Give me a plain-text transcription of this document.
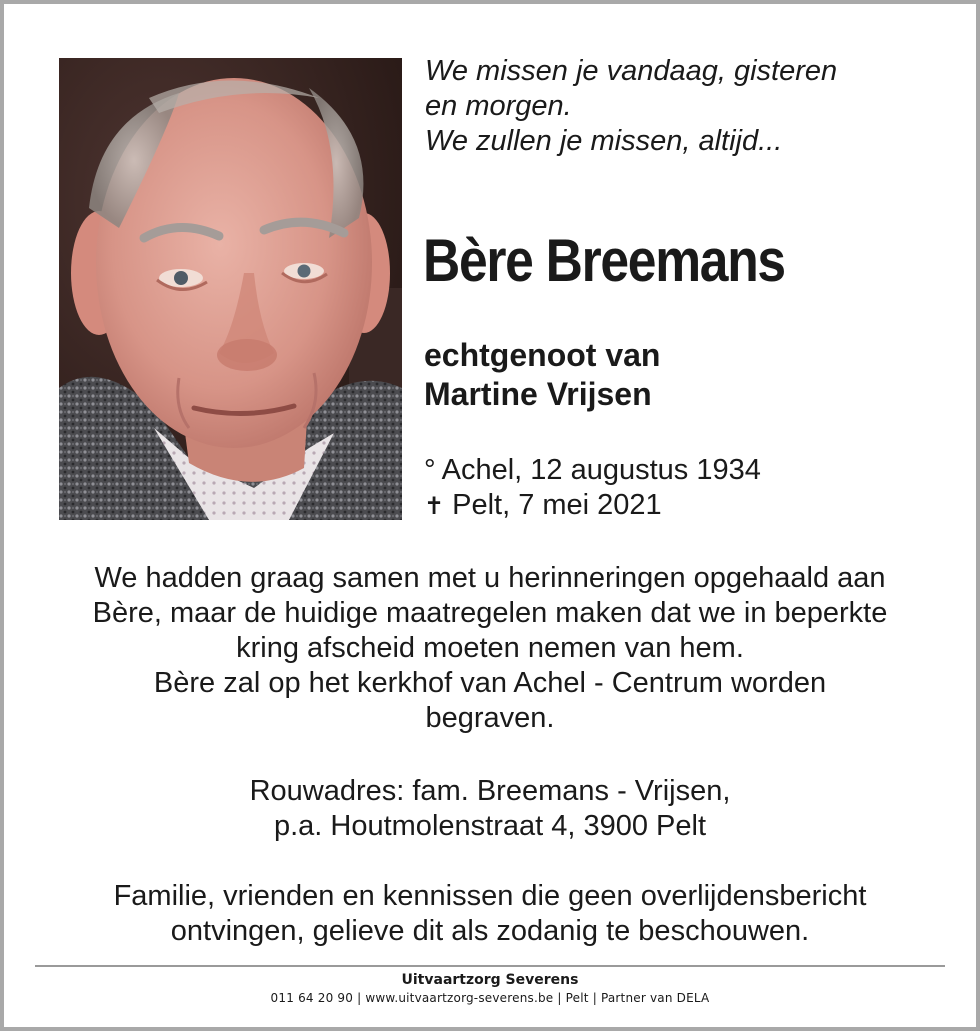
We missen je vandaag, gisteren
en morgen.
We zullen je missen, altijd...
Bère Breemans
echtgenoot van
Martine Vrijsen
° Achel, 12 augustus 1934
✝ Pelt, 7 mei 2021
We hadden graag samen met u herinneringen opgehaald aan
Bère, maar de huidige maatregelen maken dat we in beperkte
kring afscheid moeten nemen van hem.
Bère zal op het kerkhof van Achel - Centrum worden
begraven.
Rouwadres: fam. Breemans - Vrijsen,
p.a. Houtmolenstraat 4, 3900 Pelt
Familie, vrienden en kennissen die geen overlijdensbericht
ontvingen, gelieve dit als zodanig te beschouwen.
Uitvaartzorg Severens
011 64 20 90 | www.uitvaartzorg-severens.be | Pelt | Partner van DELA
